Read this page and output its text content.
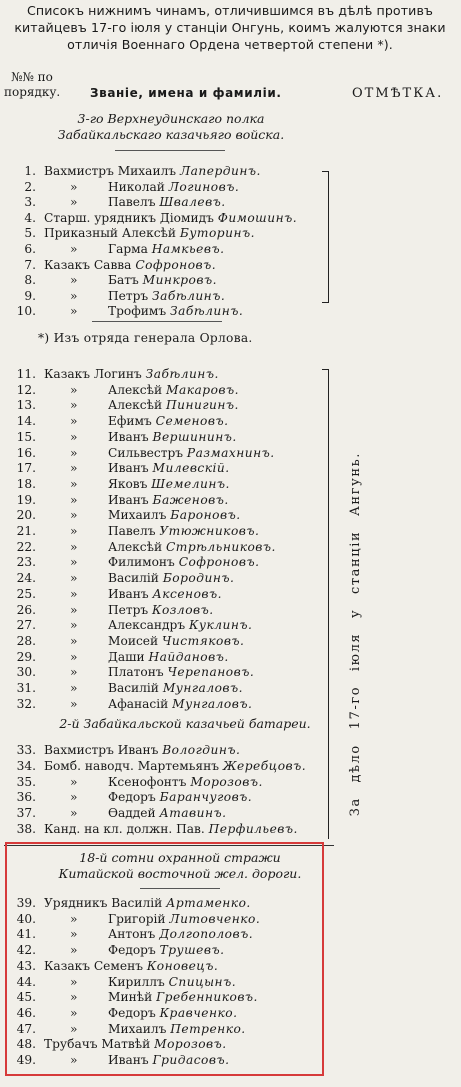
Списокъ нижнимъ чинамъ, отличившимся въ дѣлѣ противъ китайцевъ 17-го іюля у станціи Онгунь, коимъ жалуются знаки отличія Военнаго Ордена четвертой степени *).
№№ по порядку. Званіе, имена и фамиліи.	ОТМѢТКА.
3-го Верхнеудинскаго полка Забайкальскаго казачьяго войска.
*) Изъ отряда генерала Орлова.
2-й Забайкальской казачьей батареи.
18-й сотни охранной стражи Китайской восточной жел. дороги.
За дѣло 17-го іюля у станціи Ангунь.
1. Вахмистръ Михаилъ Лапердинъ.
2.	»	Николай Логиновъ.
3.	»	Павелъ Швалевъ.
4. Старш. урядникъ Діомидъ Фимошинъ.
5. Приказный Алексѣй Буторинъ.
6.	»	Гарма Намкьевъ.
7. Казакъ Савва Софроновъ.
8.	»	Батъ Минкровъ.
9.	»	Петръ Забѣлинъ.
10.	»	Трофимъ Забѣлинъ.
11. Казакъ Логинъ Забѣлинъ.
12.	»	Алексѣй Макаровъ.
13.	»	Алексѣй Пинигинъ.
14.	»	Ефимъ Семеновъ.
15.	»	Иванъ Вершининъ.
16.	»	Сильвестръ Размахнинъ.
17.	»	Иванъ Милевскій.
18.	»	Яковъ Шемелинъ.
19.	»	Иванъ Баженовъ.
20.	»	Михаилъ Бароновъ.
21.	»	Павелъ Утюжниковъ.
22.	»	Алексѣй Стрѣльниковъ.
23.	»	Филимонъ Софроновъ.
24.	»	Василій Бородинъ.
25.	»	Иванъ Аксеновъ.
26.	»	Петръ Козловъ.
27.	»	Александръ Куклинъ.
28.	»	Моисей Чистяковъ.
29.	»	Даши Найдановъ.
30.	»	Платонъ Черепановъ.
31.	»	Василій Мунгаловъ.
32.	»	Афанасій Мунгаловъ.
33. Вахмистръ Иванъ Вологдинъ.
34. Бомб. наводч. Мартемьянъ Жеребцовъ.
35.	»	Ксенофонтъ Морозовъ.
36.	»	Федоръ Баранчуговъ.
37.	»	Ѳаддей Атавинъ.
38. Канд. на кл. должн. Пав. Перфильевъ.
39. Урядникъ Василій Артаменко.
40.	»	Григорій Литовченко.
41.	»	Антонъ Долгополовъ.
42.	»	Федоръ Трушевъ.
43. Казакъ Семенъ Коновецъ.
44.	»	Кириллъ Спицынъ.
45.	»	Минѣй Гребенниковъ.
46.	»	Федоръ Кравченко.
47.	»	Михаилъ Петренко.
48. Трубачъ Матвѣй Морозовъ.
49.	»	Иванъ Гридасовъ.
